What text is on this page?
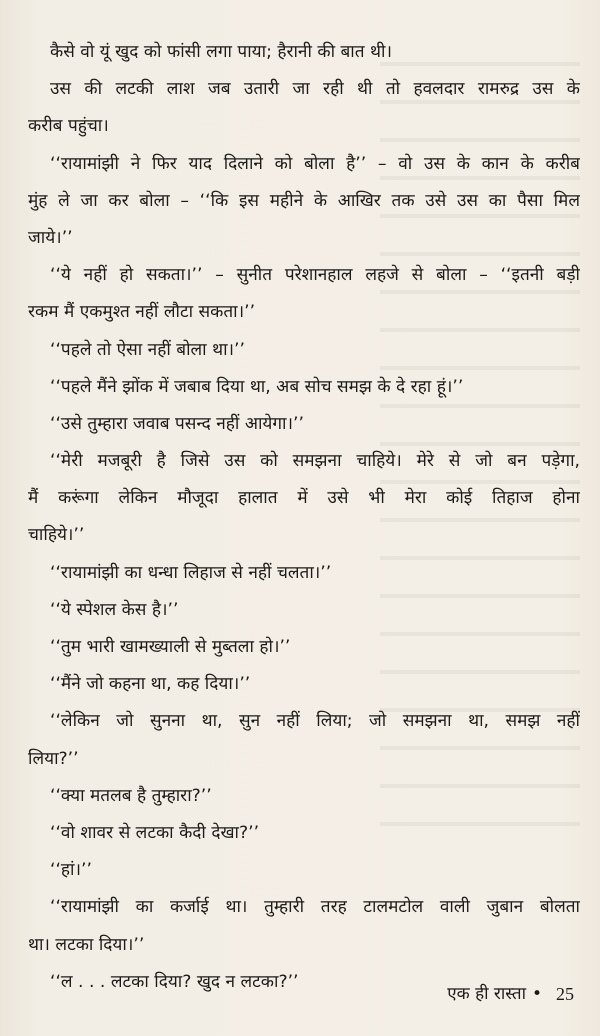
कैसे वो यूं खुद को फांसी लगा पाया; हैरानी की बात थी।
उस की लटकी लाश जब उतारी जा रही थी तो हवलदार रामरुद्र उस के
करीब पहुंचा।
‘‘रायामांझी ने फिर याद दिलाने को बोला है’’ – वो उस के कान के करीब
मुंह ले जा कर बोला – ‘‘कि इस महीने के आखिर तक उसे उस का पैसा मिल
जाये।’’
‘‘ये नहीं हो सकता।’’ – सुनीत परेशानहाल लहजे से बोला – ‘‘इतनी बड़ी
रकम मैं एकमुश्त नहीं लौटा सकता।’’
‘‘पहले तो ऐसा नहीं बोला था।’’
‘‘पहले मैंने झोंक में जबाब दिया था, अब सोच समझ के दे रहा हूं।’’
‘‘उसे तुम्हारा जवाब पसन्द नहीं आयेगा।’’
‘‘मेरी मजबूरी है जिसे उस को समझना चाहिये। मेरे से जो बन पड़ेगा,
मैं करूंगा लेकिन मौजूदा हालात में उसे भी मेरा कोई तिहाज होना
चाहिये।’’
‘‘रायामांझी का धन्धा लिहाज से नहीं चलता।’’
‘‘ये स्पेशल केस है।’’
‘‘तुम भारी खामख्याली से मुब्तला हो।’’
‘‘मैंने जो कहना था, कह दिया।’’
‘‘लेकिन जो सुनना था, सुन नहीं लिया; जो समझना था, समझ नहीं
लिया?’’
‘‘क्या मतलब है तुम्हारा?’’
‘‘वो शावर से लटका कैदी देखा?’’
‘‘हां।’’
‘‘रायामांझी का कर्जाई था। तुम्हारी तरह टालमटोल वाली जुबान बोलता
था। लटका दिया।’’
‘‘ल . . . लटका दिया? खुद न लटका?’’
एक ही रास्ता • 25
